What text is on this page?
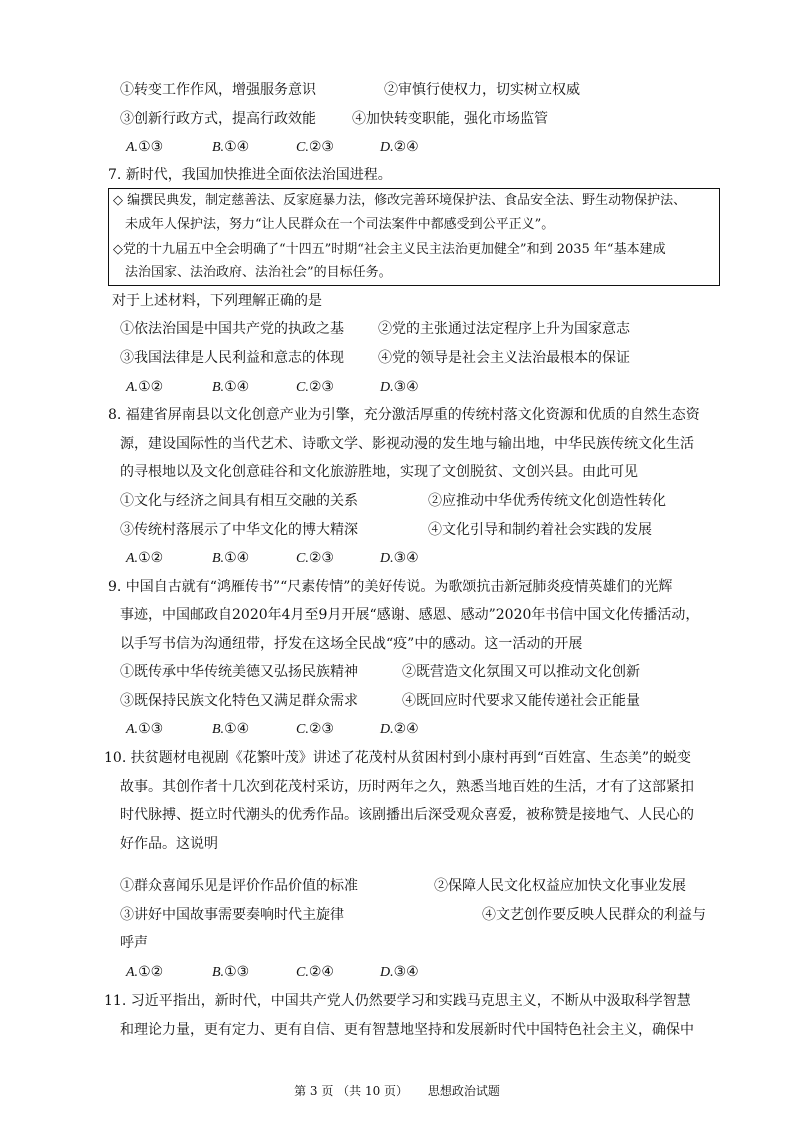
①转变工作作风，增强服务意识	②审慎行使权力，切实树立权威
③创新行政方式，提高行政效能	④加快转变职能，强化市场监管
A.①③	B.①④	C.②③	D.②④
7. 新时代，我国加快推进全面依法治国进程。
◇ 编撰民典发，制定慈善法、反家庭暴力法，修改完善环境保护法、食品安全法、野生动物保护法、
未成年人保护法，努力“让人民群众在一个司法案件中都感受到公平正义”。
◇党的十九届五中全会明确了“十四五”时期“社会主义民主法治更加健全”和到 2035 年“基本建成
法治国家、法治政府、法治社会”的目标任务。
对于上述材料，下列理解正确的是
①依法治国是中国共产党的执政之基 ②党的主张通过法定程序上升为国家意志
③我国法律是人民利益和意志的体现 ④党的领导是社会主义法治最根本的保证
A.①②	B.①④	C.②③	D.③④
8. 福建省屏南县以文化创意产业为引擎，充分激活厚重的传统村落文化资源和优质的自然生态资
源，建设国际性的当代艺术、诗歌文学、影视动漫的发生地与输出地，中华民族传统文化生活
的寻根地以及文化创意硅谷和文化旅游胜地，实现了文创脱贫、文创兴县。由此可见
①文化与经济之间具有相互交融的关系	②应推动中华优秀传统文化创造性转化
③传统村落展示了中华文化的博大精深	④文化引导和制约着社会实践的发展
A.①②	B.①④	C.②③	D.③④
9. 中国自古就有“鸿雁传书”“尺素传情”的美好传说。为歌颂抗击新冠肺炎疫情英雄们的光辉
事迹，中国邮政自2020年4月至9月开展“感谢、感恩、感动”2020年书信中国文化传播活动，
以手写书信为沟通纽带，抒发在这场全民战“疫”中的感动。这一活动的开展
①既传承中华传统美德又弘扬民族精神	②既营造文化氛围又可以推动文化创新
③既保持民族文化特色又满足群众需求	④既回应时代要求又能传递社会正能量
A.①③	B.①④	C.②③	D.②④
10. 扶贫题材电视剧《花繁叶茂》讲述了花茂村从贫困村到小康村再到“百姓富、生态美”的蜕变
故事。其创作者十几次到花茂村采访，历时两年之久，熟悉当地百姓的生活，才有了这部紧扣
时代脉搏、挺立时代潮头的优秀作品。该剧播出后深受观众喜爱，被称赞是接地气、人民心的
好作品。这说明
①群众喜闻乐见是评价作品价值的标准	②保障人民文化权益应加快文化事业发展
③讲好中国故事需要奏响时代主旋律	④文艺创作要反映人民群众的利益与
呼声
A.①②	B.①③	C.②④	D.③④
11. 习近平指出，新时代，中国共产党人仍然要学习和实践马克思主义，不断从中汲取科学智慧
和理论力量，更有定力、更有自信、更有智慧地坚持和发展新时代中国特色社会主义，确保中
第 3 页 （共 10 页） 思想政治试题
